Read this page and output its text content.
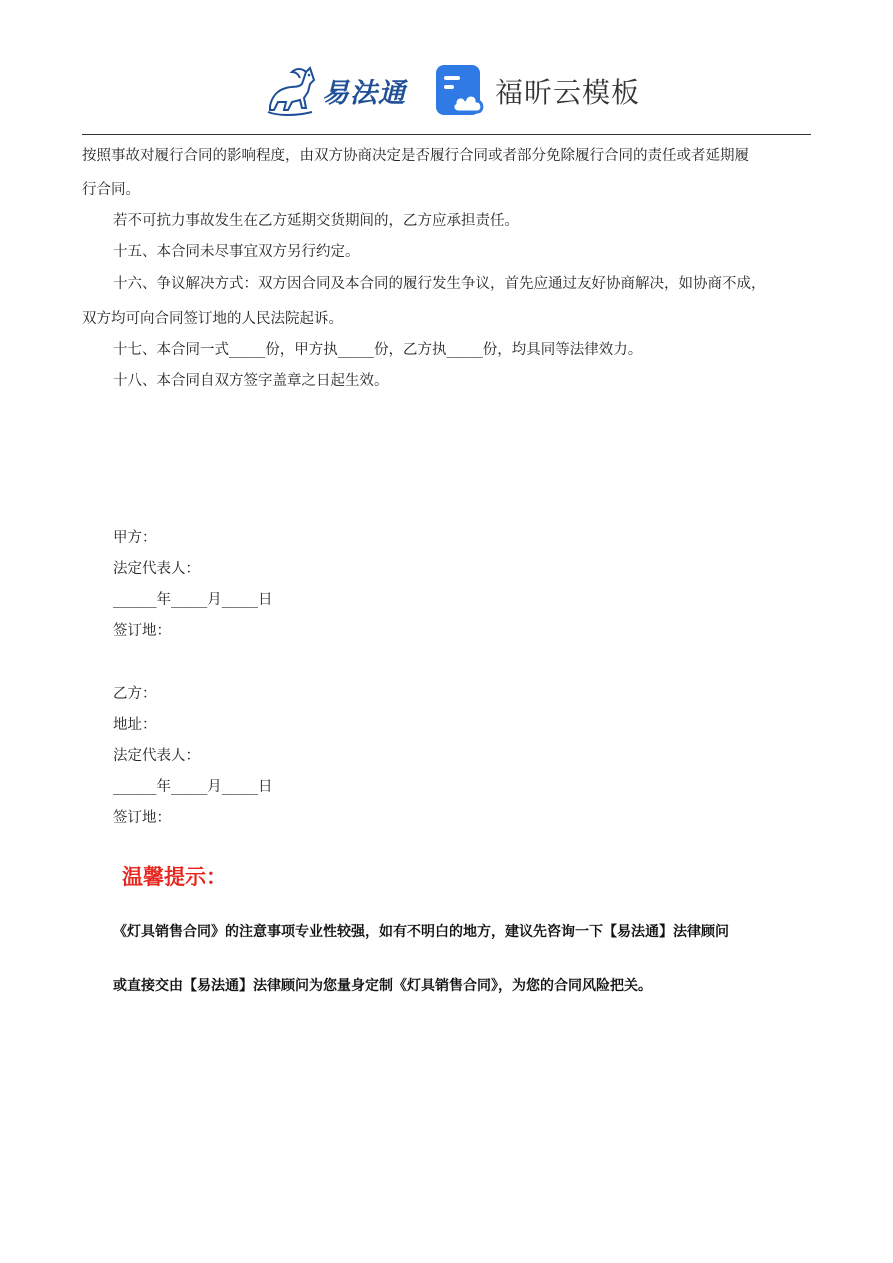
易法通	福昕云模板

按照事故对履行合同的影响程度，由双方协商决定是否履行合同或者部分免除履行合同的责任或者延期履

行合同。

若不可抗力事故发生在乙方延期交货期间的，乙方应承担责任。

十五、本合同未尽事宜双方另行约定。

十六、争议解决方式：双方因合同及本合同的履行发生争议，首先应通过友好协商解决，如协商不成，

双方均可向合同签订地的人民法院起诉。

十七、本合同一式_____份，甲方执_____份，乙方执_____份，均具同等法律效力。

十八、本合同自双方签字盖章之日起生效。

甲方：

法定代表人：

______年_____月_____日

签订地：

乙方：

地址：

法定代表人：

______年_____月_____日

签订地：

温馨提示：
《灯具销售合同》的注意事项专业性较强，如有不明白的地方，建议先咨询一下【易法通】法律顾问
或直接交由【易法通】法律顾问为您量身定制《灯具销售合同》，为您的合同风险把关。
